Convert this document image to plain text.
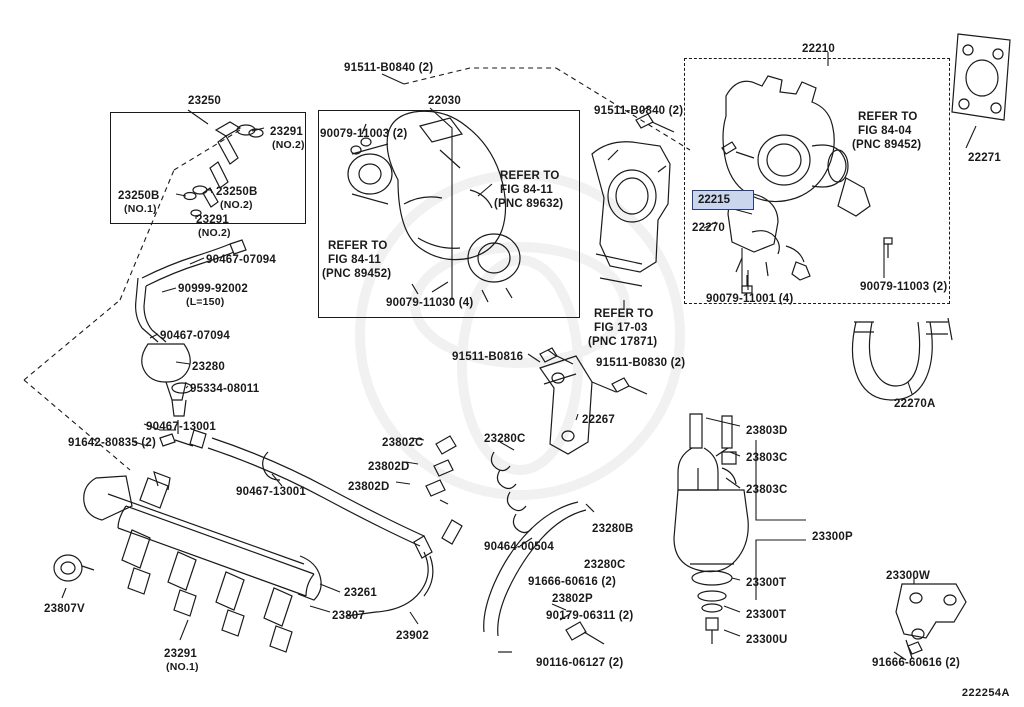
22215
91511-B0840 (2)
22030
22210
23250
23291
(NO.2)
90079-11003 (2)
91511-B0840 (2)	REFER TO
FIG 84-04
(PNC 89452)
22271
23250B
(NO.1)
23250B
(NO.2)
23291
(NO.2)
REFER TO
FIG 84-11
(PNC 89632)
REFER TO
FIG 84-11
(PNC 89452)
90079-11030 (4)
22270
90079-11001 (4)
90079-11003 (2)
REFER TO
FIG 17-03
(PNC 17871)
90467-07094
90999-92002
(L=150)
90467-07094
23280
95334-08011
90467-13001
91642-80835 (2)
90467-13001
91511-B0816	91511-B0830 (2)
22267
23802C
23802D
23802D
23280C
90464-00504
23280B
23280C
91666-60616 (2)
23802P
90179-06311 (2)
90116-06127 (2)
23261
23807
23902
23807V
23291
(NO.1)
22270A
23803D
23803C
23803C
23300P
23300W
23300T
23300T
23300U
91666-60616 (2)
222254A
